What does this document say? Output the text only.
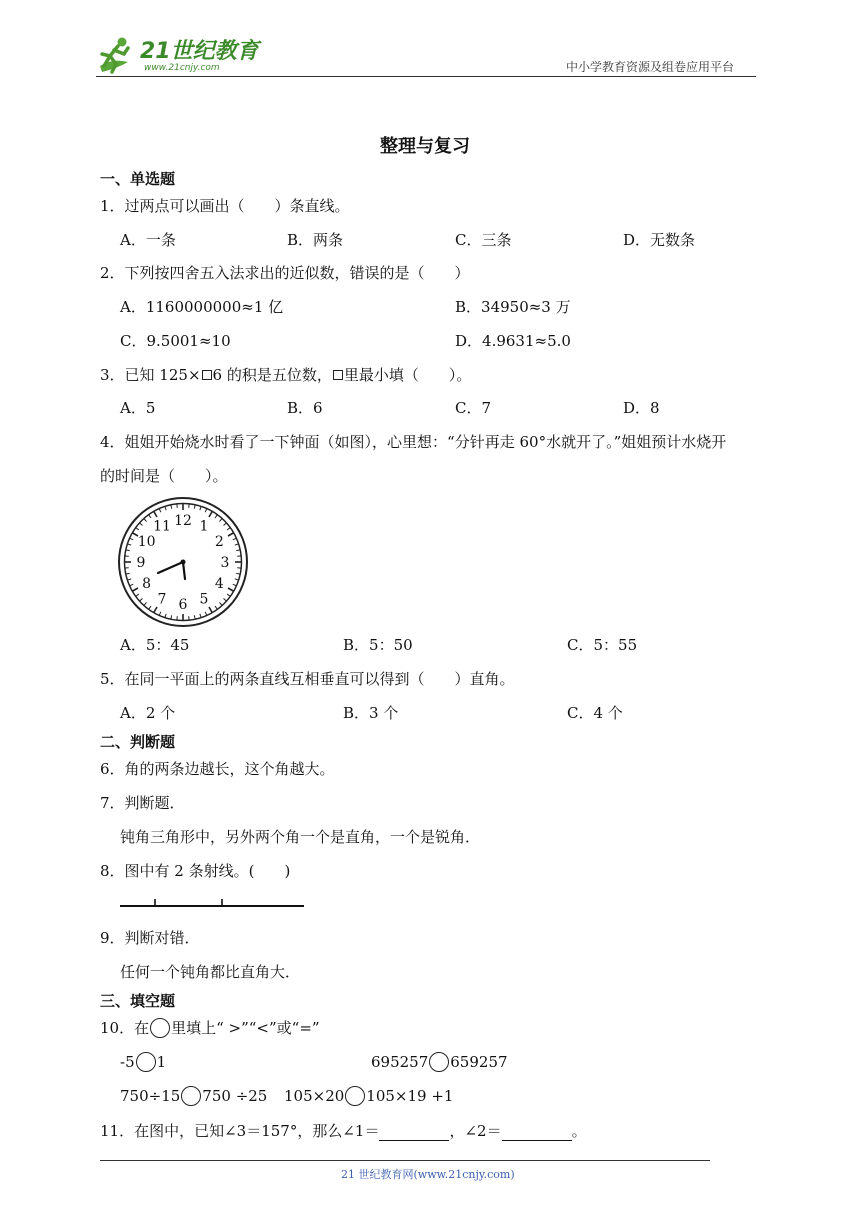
21世纪教育
www.21cnjy.com	中小学教育资源及组卷应用平台
整理与复习
一、单选题
1．过两点可以画出（　　）条直线。
A．一条	B．两条	C．三条	D．无数条
2．下列按四舍五入法求出的近似数，错误的是（　　）
A．1160000000≈1 亿	B．34950≈3 万
C．9.5001≈10	D．4.9631≈5.0
3．已知 125× 6 的积是五位数， 里最小填（　　）。
A．5	B．6	C．7	D．8
4．姐姐开始烧水时看了一下钟面（如图），心里想：“分针再走 60°水就开了。”姐姐预计水烧开
的时间是（　　）。
12 1
2
3
4
5
6
7
8
9
10
11
A．5：45	B．5：50	C．5：55
5．在同一平面上的两条直线互相垂直可以得到（　　）直角。
A．2 个	B．3 个	C．4 个
二、判断题
6．角的两条边越长，这个角越大。
7．判断题．
钝角三角形中，另外两个角一个是直角，一个是锐角．
8．图中有 2 条射线。(　　)
9．判断对错．
任何一个钝角都比直角大．
三、填空题
10．在 里填上“ >”“<”或“=”
-5 1	695257 659257
750÷15 750 ÷25 105×20 105×19 +1
11．在图中，已知∠3＝157°，那么∠1＝	，∠2＝	。
21 世纪教育网(www.21cnjy.com)
